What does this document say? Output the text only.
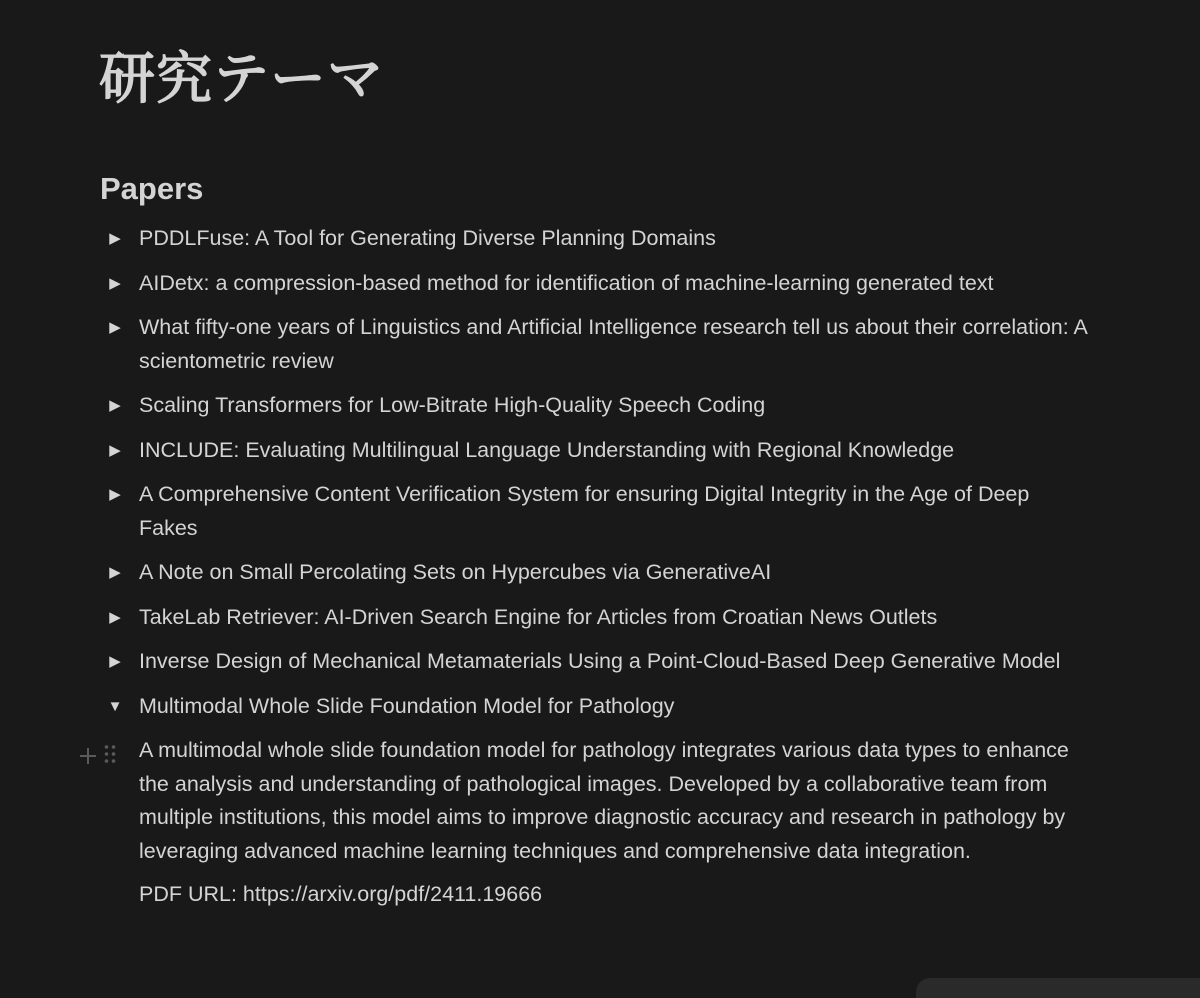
研究テーマ
Papers
▶ PDDLFuse: A Tool for Generating Diverse Planning Domains
▶ AIDetx: a compression-based method for identification of machine-learning generated text
▶ What fifty-one years of Linguistics and Artificial Intelligence research tell us about their correlation: A scientometric review
▶ Scaling Transformers for Low-Bitrate High-Quality Speech Coding
▶ INCLUDE: Evaluating Multilingual Language Understanding with Regional Knowledge
▶ A Comprehensive Content Verification System for ensuring Digital Integrity in the Age of Deep Fakes
▶ A Note on Small Percolating Sets on Hypercubes via GenerativeAI
▶ TakeLab Retriever: AI-Driven Search Engine for Articles from Croatian News Outlets
▶ Inverse Design of Mechanical Metamaterials Using a Point-Cloud-Based Deep Generative Model
▼ Multimodal Whole Slide Foundation Model for Pathology

A multimodal whole slide foundation model for pathology integrates various data types to enhance the analysis and understanding of pathological images. Developed by a collaborative team from multiple institutions, this model aims to improve diagnostic accuracy and research in pathology by leveraging advanced machine learning techniques and comprehensive data integration.

PDF URL: https://arxiv.org/pdf/2411.19666
